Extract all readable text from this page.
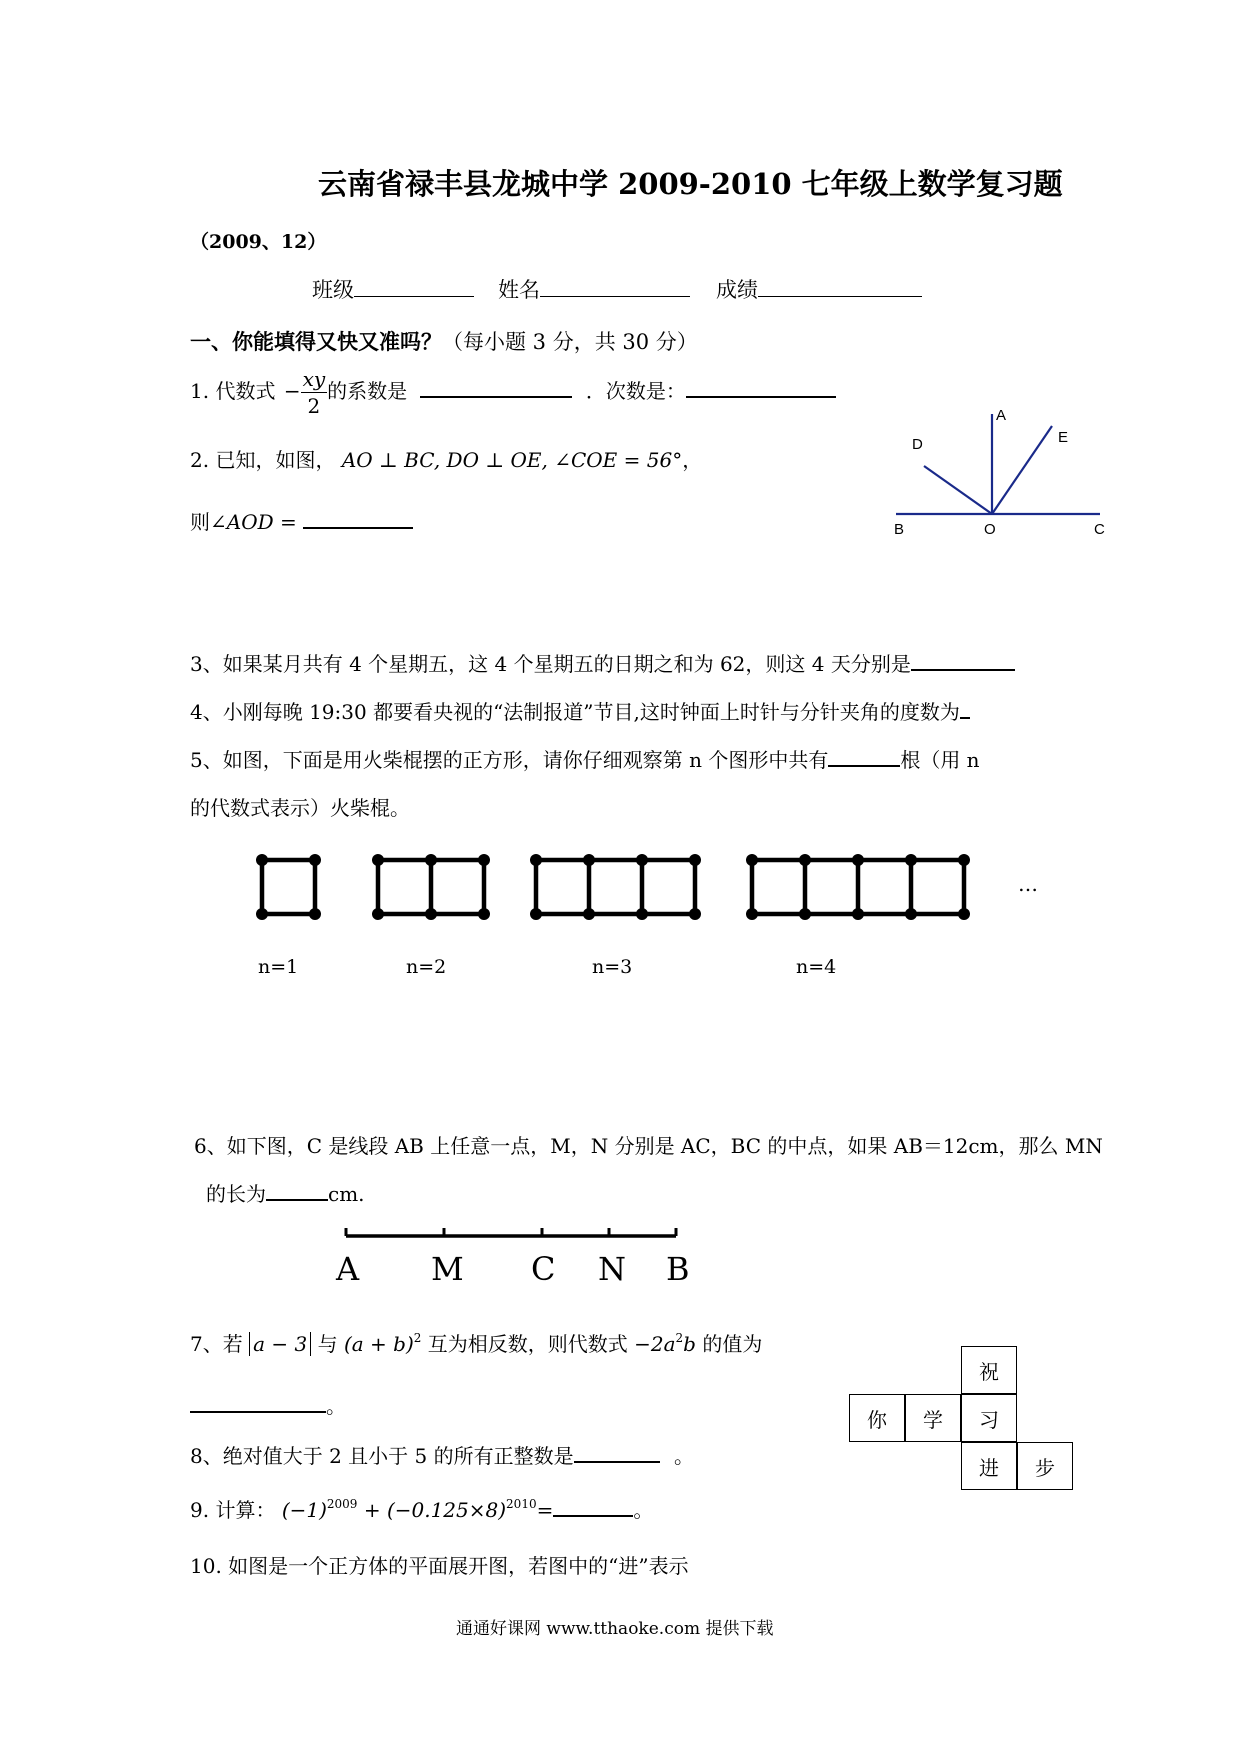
云南省禄丰县龙城中学 2009-2010 七年级上数学复习题
（2009、12）
班级	姓名	成绩
一、你能填得又快又准吗？（每小题 3 分，共 30 分）
1. 代数式 − $\frac{xy}{2}$ 的系数是	．次数是：
2. 已知，如图， AO ⊥ BC, DO ⊥ OE, ∠COE = 56°，
则∠AOD =
A
D	E
B	O	C
3、如果某月共有 4 个星期五，这 4 个星期五的日期之和为 62，则这 4 天分别是
4、小刚每晚 19:30 都要看央视的“法制报道”节目,这时钟面上时针与分针夹角的度数为
5、如图，下面是用火柴棍摆的正方形，请你仔细观察第 n 个图形中共有	根（用 n
的代数式表示）火柴棍。
…
n=1	n=2	n=3	n=4
6、如下图，C 是线段 AB 上任意一点，M，N 分别是 AC，BC 的中点，如果 AB＝12cm，那么 MN
的长为	cm.
A M C N B
7、若 a − 3 与 $(a + b)^2$ 互为相反数，则代数式 $-2a^2b$ 的值为
。
8、绝对值大于 2 且小于 5 的所有正整数是	。
9. 计算： $(-1)^{2009} + (-0.125\times 8)^{2010}=$	。
10. 如图是一个正方体的平面展开图，若图中的“进”表示
祝
你	学	习
进	步
通通好课网 www.tthaoke.com 提供下载
